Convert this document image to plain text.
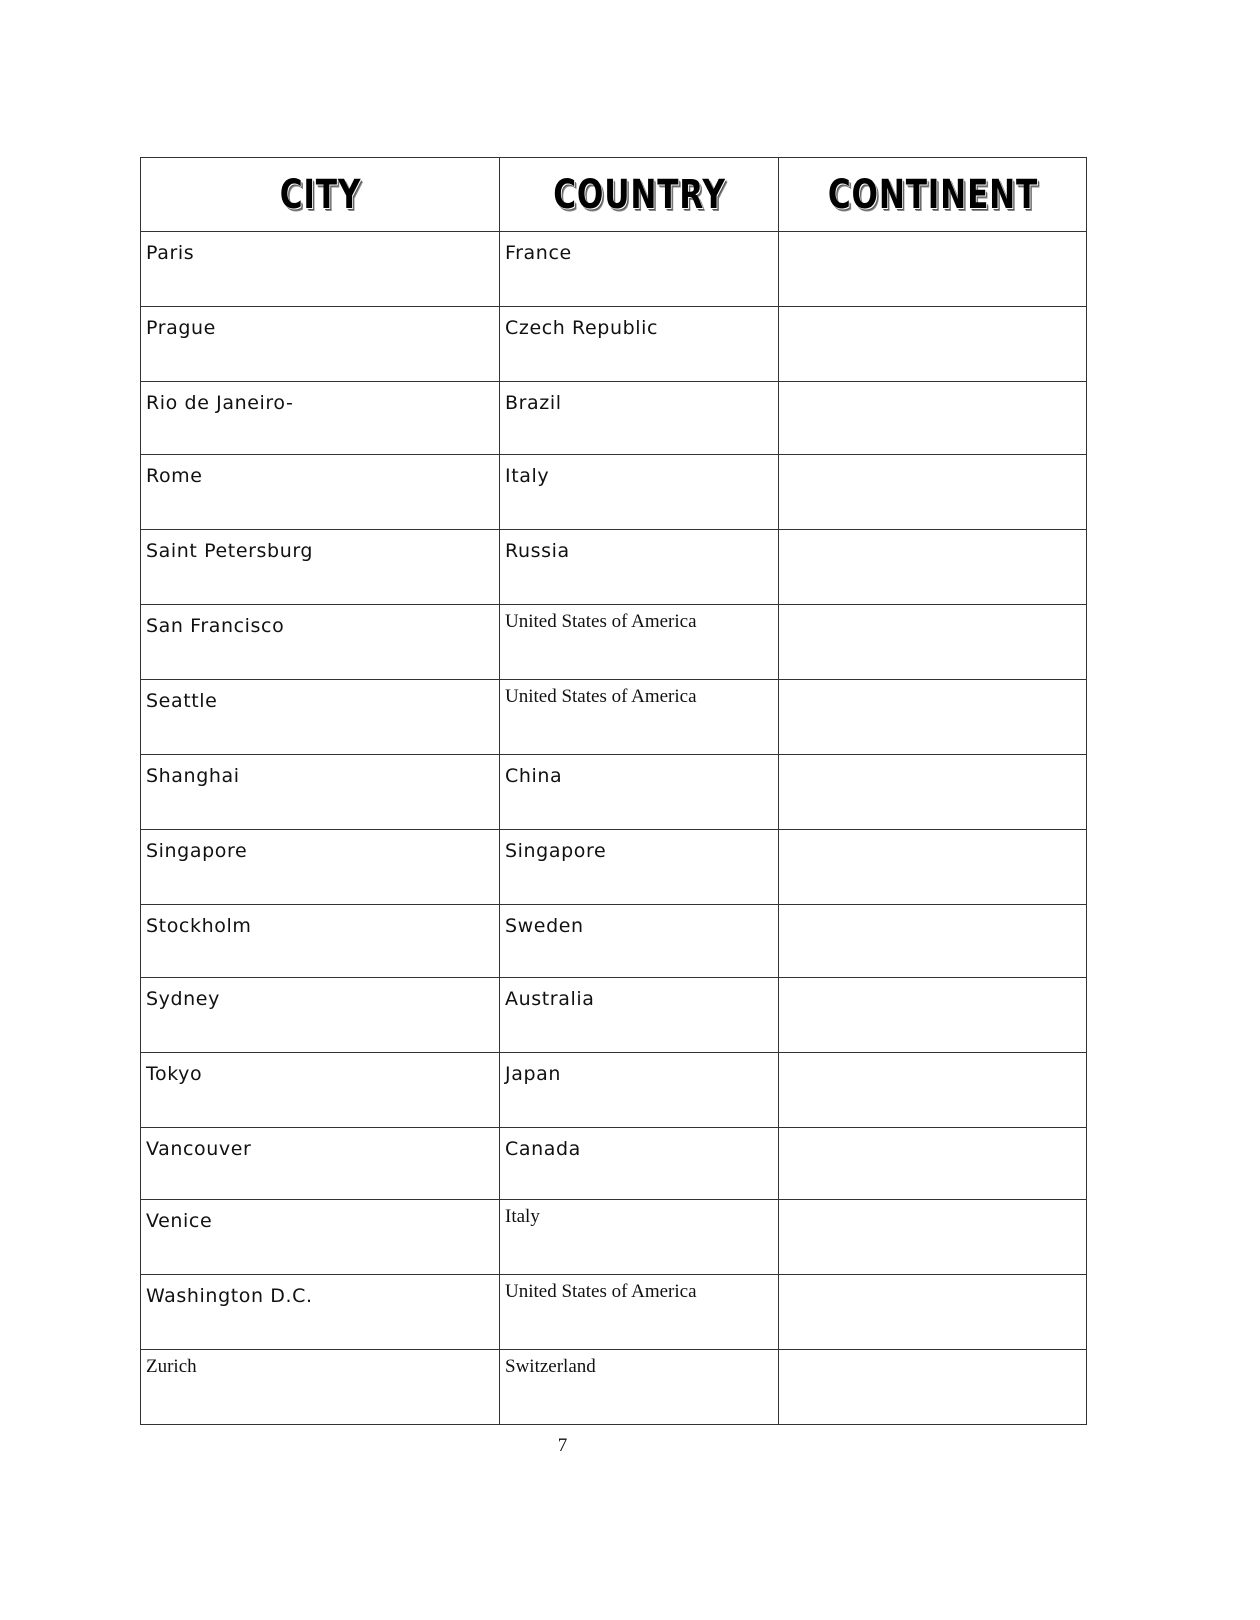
CITY	COUNTRY	CONTINENT

Paris	France	

Prague	Czech Republic	

Rio de Janeiro-	Brazil	

Rome	Italy	

Saint Petersburg	Russia	

San Francisco	United States of America	

Seattle	United States of America	

Shanghai	China	

Singapore	Singapore	

Stockholm	Sweden	

Sydney	Australia	

Tokyo	Japan	

Vancouver	Canada	

Venice	Italy	

Washington D.C.	United States of America	

Zurich	Switzerland	

7
